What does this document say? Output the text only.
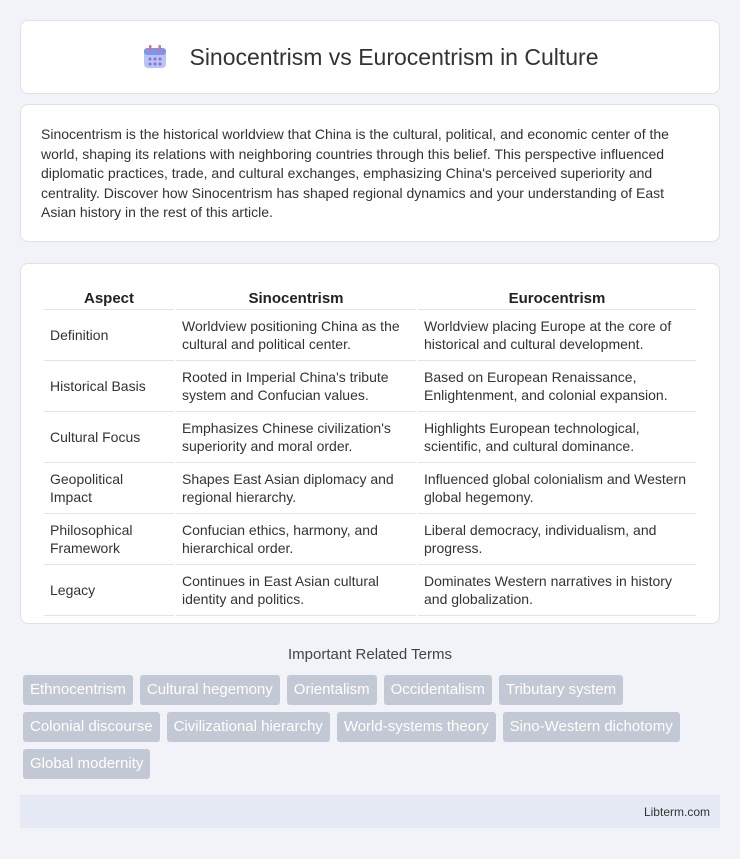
Sinocentrism vs Eurocentrism in Culture

Sinocentrism is the historical worldview that China is the cultural, political, and economic center of the world, shaping its relations with neighboring countries through this belief. This perspective influenced diplomatic practices, trade, and cultural exchanges, emphasizing China's perceived superiority and centrality. Discover how Sinocentrism has shaped regional dynamics and your understanding of East Asian history in the rest of this article.

Aspect	Sinocentrism	Eurocentrism
Definition	Worldview positioning China as the cultural and political center.	Worldview placing Europe at the core of historical and cultural development.
Historical Basis	Rooted in Imperial China's tribute system and Confucian values.	Based on European Renaissance, Enlightenment, and colonial expansion.
Cultural Focus	Emphasizes Chinese civilization's superiority and moral order.	Highlights European technological, scientific, and cultural dominance.
Geopolitical Impact	Shapes East Asian diplomacy and regional hierarchy.	Influenced global colonialism and Western global hegemony.
Philosophical Framework	Confucian ethics, harmony, and hierarchical order.	Liberal democracy, individualism, and progress.
Legacy	Continues in East Asian cultural identity and politics.	Dominates Western narratives in history and globalization.
Important Related Terms
Ethnocentrism	Cultural hegemony	Orientalism	Occidentalism	Tributary system
Colonial discourse	Civilizational hierarchy	World-systems theory	Sino-Western dichotomy
Global modernity
Libterm.com
